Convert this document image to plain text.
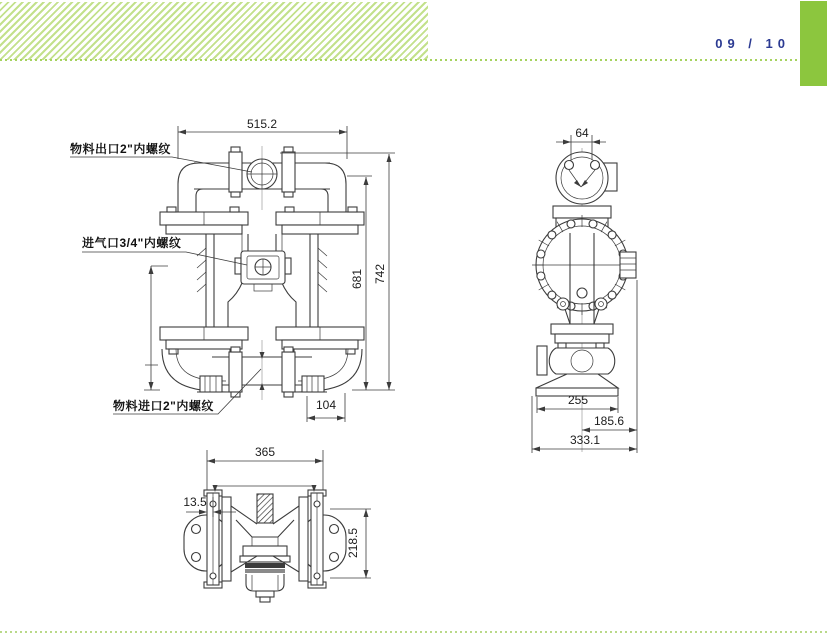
09 / 10
物料出口2"内螺纹
进气口3/4"内螺纹
物料进口2"内螺纹
515.2
742
681
104
64
255
185.6
333.1
365
13.5
218.5
